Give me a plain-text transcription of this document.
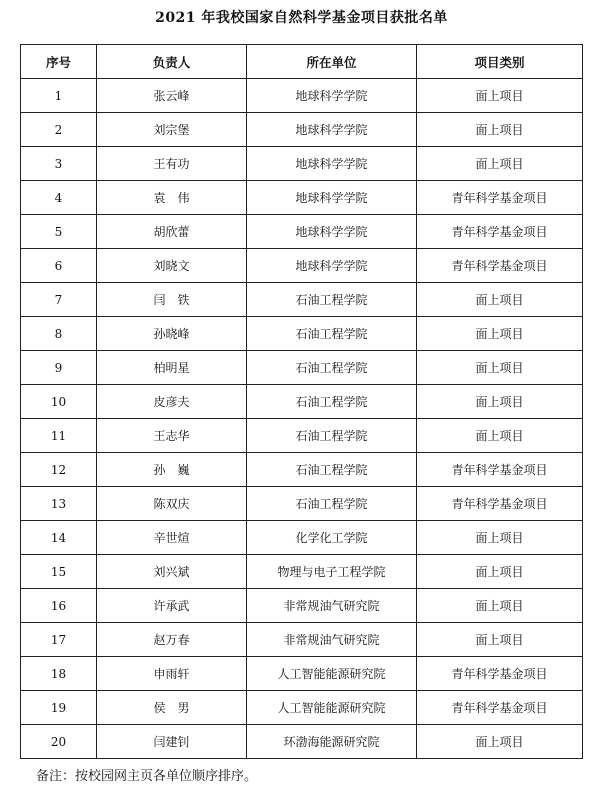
2021 年我校国家自然科学基金项目获批名单
序号	负责人	所在单位	项目类别
1	张云峰	地球科学学院	面上项目
2	刘宗堡	地球科学学院	面上项目
3	王有功	地球科学学院	面上项目
4	袁　伟	地球科学学院	青年科学基金项目
5	胡欣蕾	地球科学学院	青年科学基金项目
6	刘晓文	地球科学学院	青年科学基金项目
7	闫　铁	石油工程学院	面上项目
8	孙晓峰	石油工程学院	面上项目
9	柏明星	石油工程学院	面上项目
10	皮彦夫	石油工程学院	面上项目
11	王志华	石油工程学院	面上项目
12	孙　巍	石油工程学院	青年科学基金项目
13	陈双庆	石油工程学院	青年科学基金项目
14	辛世煊	化学化工学院	面上项目
15	刘兴斌	物理与电子工程学院	面上项目
16	许承武	非常规油气研究院	面上项目
17	赵万春	非常规油气研究院	面上项目
18	申雨轩	人工智能能源研究院	青年科学基金项目
19	侯　男	人工智能能源研究院	青年科学基金项目
20	闫建钊	环渤海能源研究院	面上项目
备注：按校园网主页各单位顺序排序。
